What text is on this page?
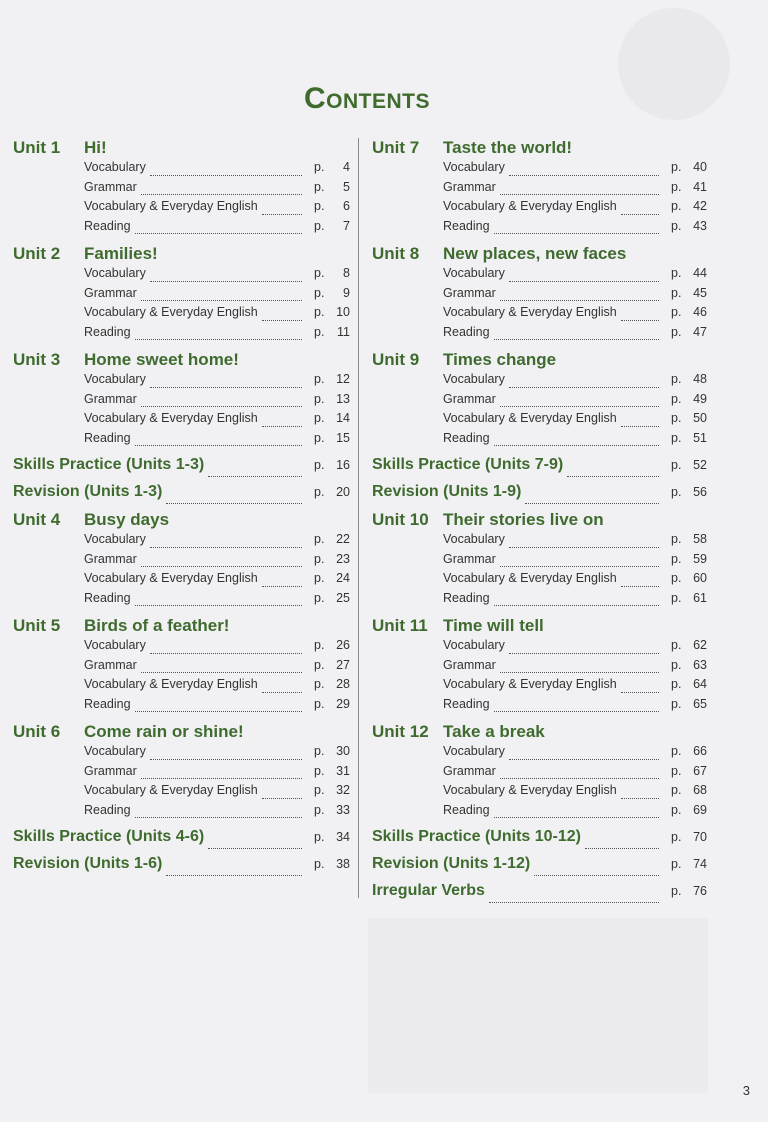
Contents
Unit 1	Hi!
Vocabulary	p. 4
Grammar	p. 5
Vocabulary & Everyday English	p. 6
Reading	p. 7
Unit 2	Families!
Vocabulary	p. 8
Grammar	p. 9
Vocabulary & Everyday English	p. 10
Reading	p. 11
Unit 3	Home sweet home!
Vocabulary	p. 12
Grammar	p. 13
Vocabulary & Everyday English	p. 14
Reading	p. 15
Skills Practice (Units 1-3)	p. 16
Revision (Units 1-3)	p. 20
Unit 4	Busy days
Vocabulary	p. 22
Grammar	p. 23
Vocabulary & Everyday English	p. 24
Reading	p. 25
Unit 5	Birds of a feather!
Vocabulary	p. 26
Grammar	p. 27
Vocabulary & Everyday English	p. 28
Reading	p. 29
Unit 6	Come rain or shine!
Vocabulary	p. 30
Grammar	p. 31
Vocabulary & Everyday English	p. 32
Reading	p. 33
Skills Practice (Units 4-6)	p. 34
Revision (Units 1-6)	p. 38
Unit 7	Taste the world!
Vocabulary	p. 40
Grammar	p. 41
Vocabulary & Everyday English	p. 42
Reading	p. 43
Unit 8	New places, new faces
Vocabulary	p. 44
Grammar	p. 45
Vocabulary & Everyday English	p. 46
Reading	p. 47
Unit 9	Times change
Vocabulary	p. 48
Grammar	p. 49
Vocabulary & Everyday English	p. 50
Reading	p. 51
Skills Practice (Units 7-9)	p. 52
Revision (Units 1-9)	p. 56
Unit 10 Their stories live on
Vocabulary	p. 58
Grammar	p. 59
Vocabulary & Everyday English	p. 60
Reading	p. 61
Unit 11 Time will tell
Vocabulary	p. 62
Grammar	p. 63
Vocabulary & Everyday English	p. 64
Reading	p. 65
Unit 12 Take a break
Vocabulary	p. 66
Grammar	p. 67
Vocabulary & Everyday English	p. 68
Reading	p. 69
Skills Practice (Units 10-12)	p. 70
Revision (Units 1-12)	p. 74
Irregular Verbs	p. 76
3
